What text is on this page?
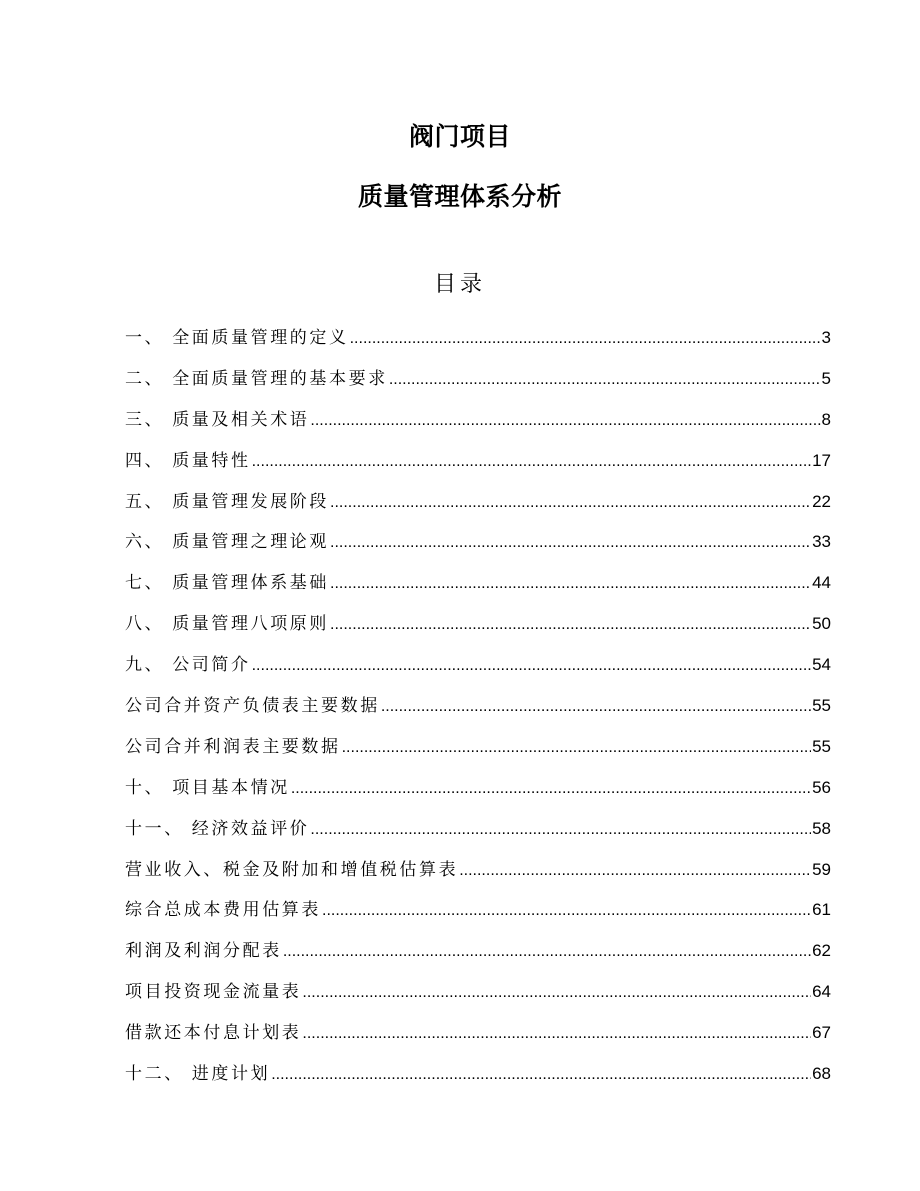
阀门项目
质量管理体系分析
目录
一、 全面质量管理的定义 .....	3
二、 全面质量管理的基本要求 .....	5
三、 质量及相关术语 .....	8
四、 质量特性 .....	17
五、 质量管理发展阶段 .....	22
六、 质量管理之理论观 .....	33
七、 质量管理体系基础 .....	44
八、 质量管理八项原则 .....	50
九、 公司简介 .....	54
公司合并资产负债表主要数据 .....	55
公司合并利润表主要数据 .....	55
十、 项目基本情况 .....	56
十一、 经济效益评价 .....	58
营业收入、税金及附加和增值税估算表 .....	59
综合总成本费用估算表 .....	61
利润及利润分配表 .....	62
项目投资现金流量表 .....	64
借款还本付息计划表 .....	67
十二、 进度计划 .....	68
